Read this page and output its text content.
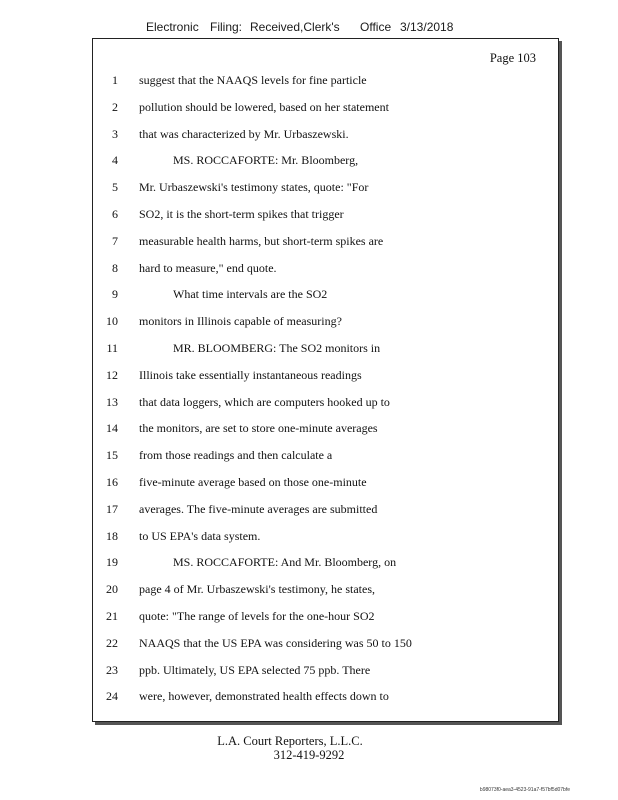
Electronic Filing: Received,Clerk's Office 3/13/2018
Page 103
1 suggest that the NAAQS levels for fine particle
2 pollution should be lowered, based on her statement
3 that was characterized by Mr. Urbaszewski.
4	MS. ROCCAFORTE: Mr. Bloomberg,
5 Mr. Urbaszewski's testimony states, quote: "For
6 SO2, it is the short-term spikes that trigger
7 measurable health harms, but short-term spikes are
8 hard to measure," end quote.
9	What time intervals are the SO2
10 monitors in Illinois capable of measuring?
11	MR. BLOOMBERG: The SO2 monitors in
12 Illinois take essentially instantaneous readings
13 that data loggers, which are computers hooked up to
14 the monitors, are set to store one-minute averages
15 from those readings and then calculate a
16 five-minute average based on those one-minute
17 averages. The five-minute averages are submitted
18 to US EPA's data system.
19	MS. ROCCAFORTE: And Mr. Bloomberg, on
20 page 4 of Mr. Urbaszewski's testimony, he states,
21 quote: "The range of levels for the one-hour SO2
22 NAAQS that the US EPA was considering was 50 to 150
23 ppb. Ultimately, US EPA selected 75 ppb. There
24 were, however, demonstrated health effects down to
L.A. Court Reporters, L.L.C.
312-419-9292
b98073f0-aea3-4523-91a7-f57bf5d07bfe
